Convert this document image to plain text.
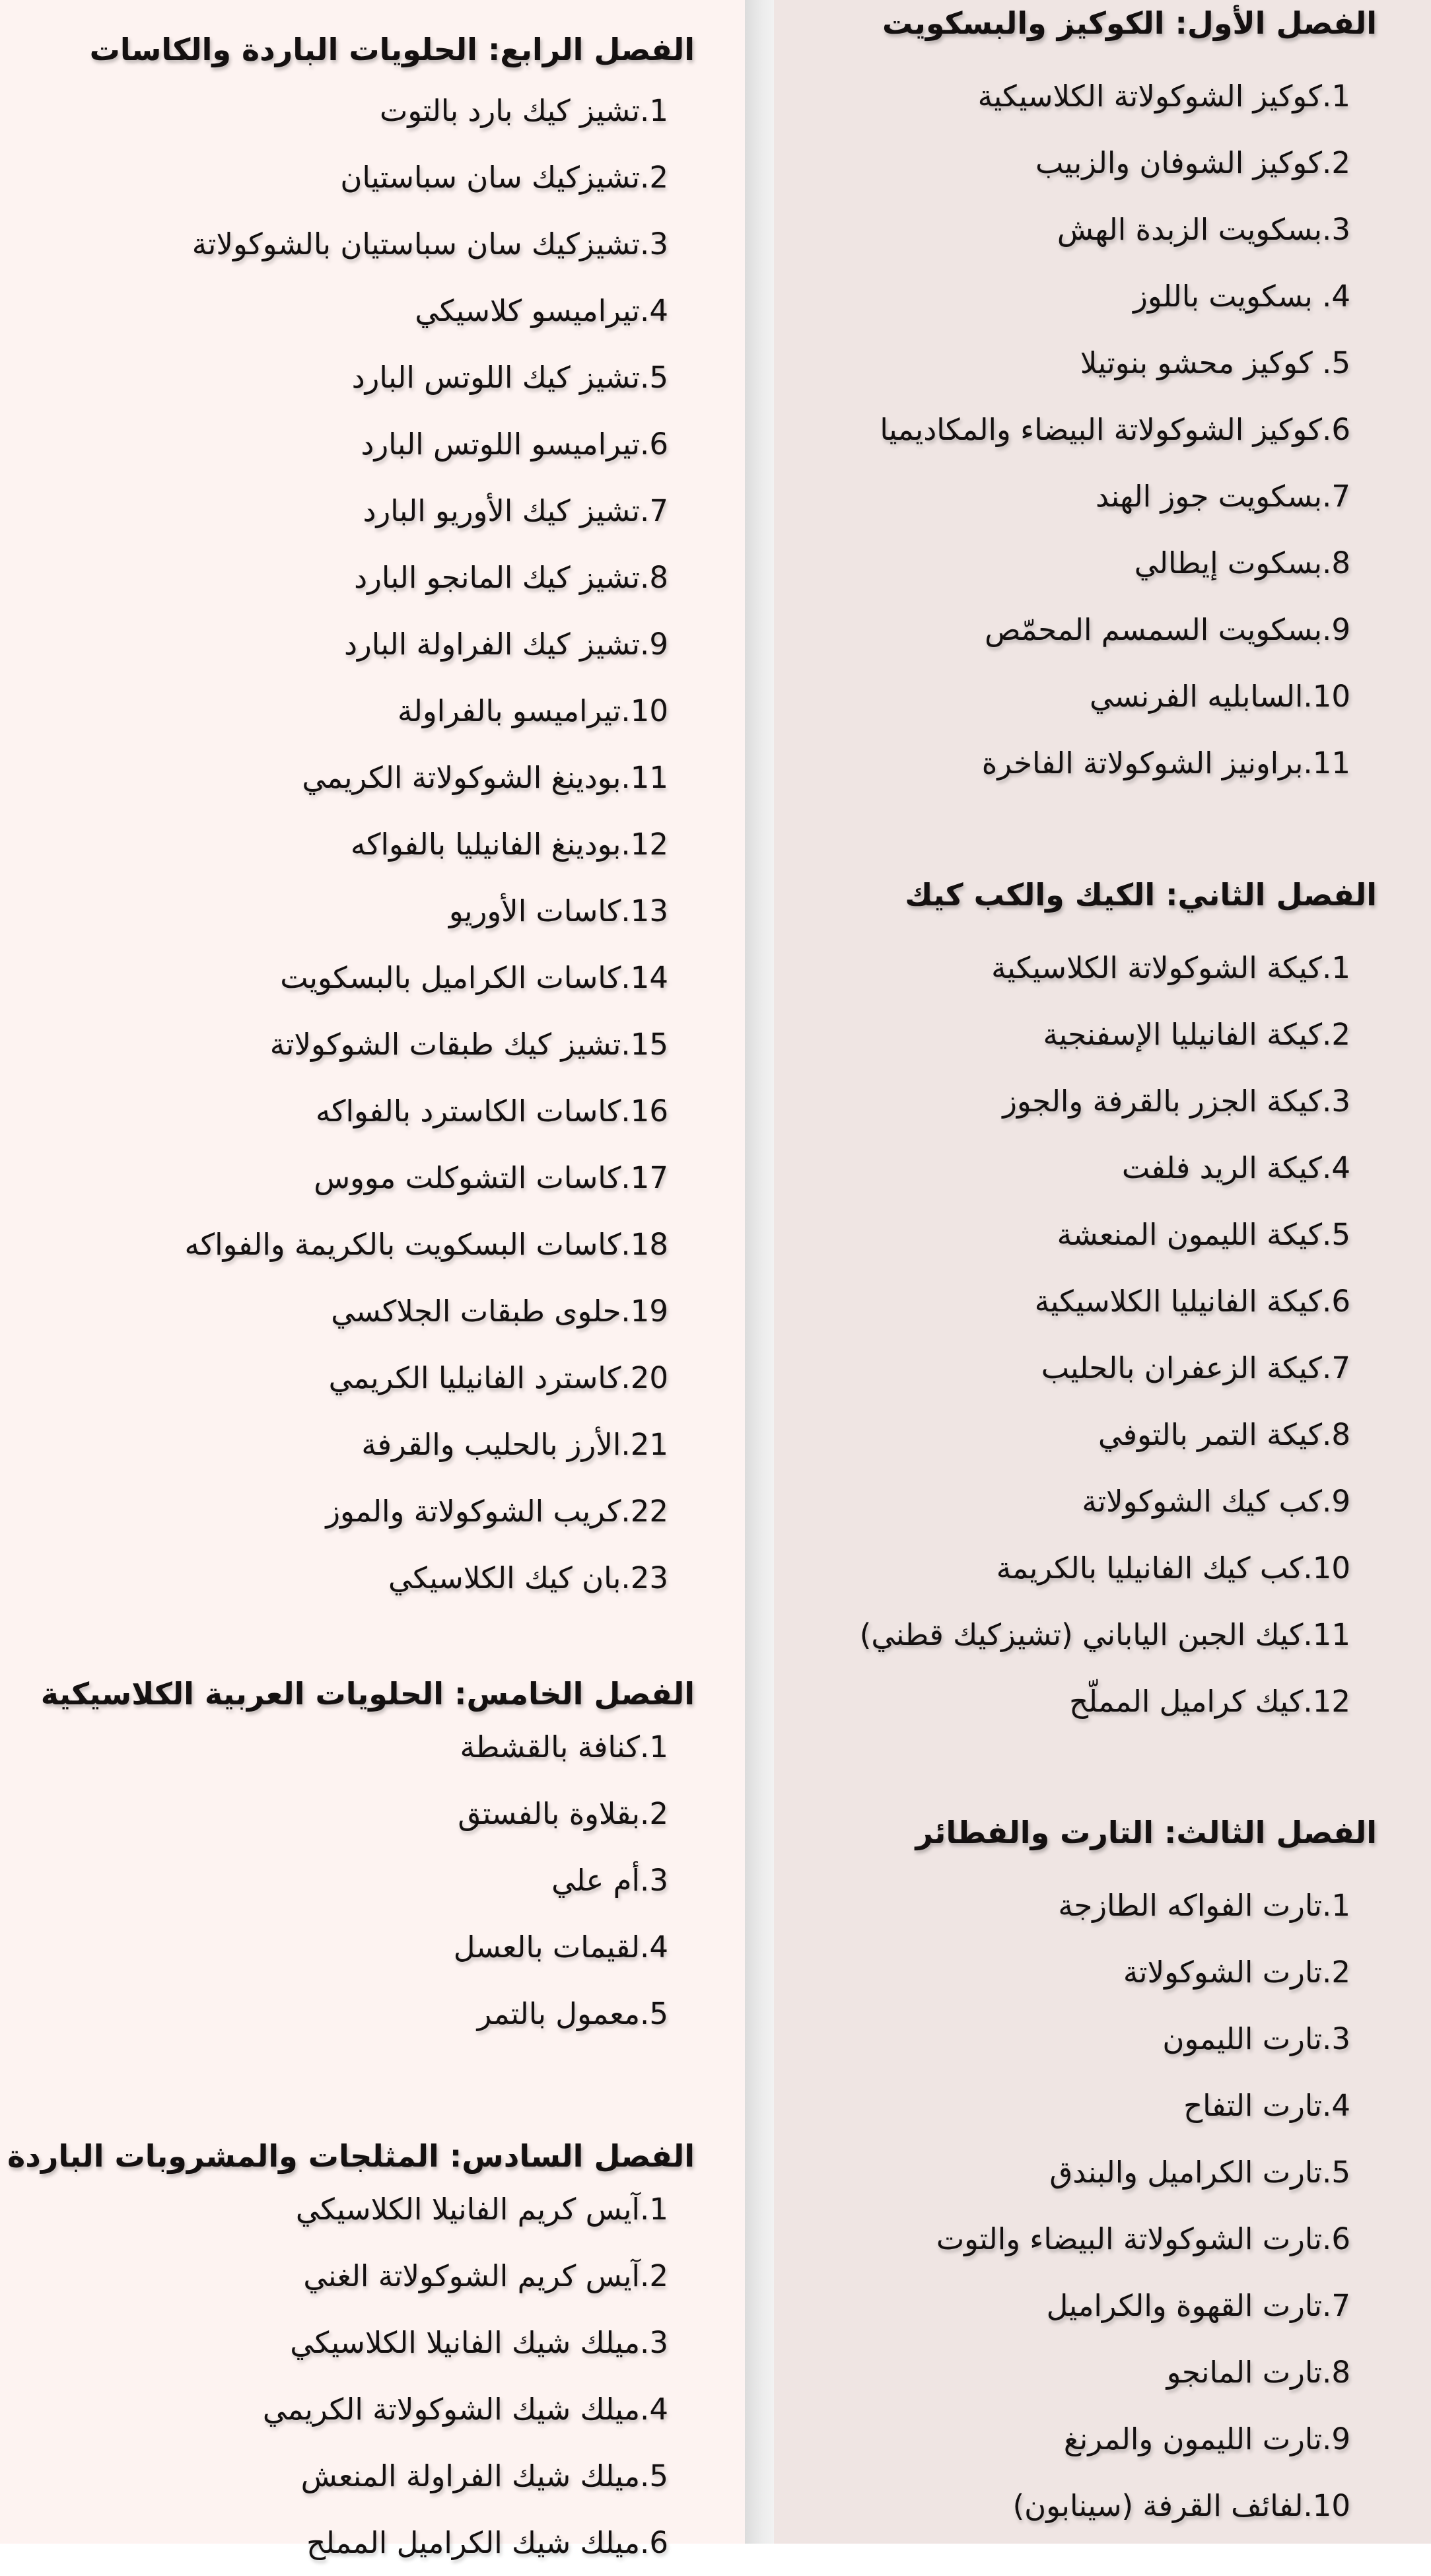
الفصل الأول: الكوكيز والبسكويت
1.كوكيز الشوكولاتة الكلاسيكية
2.كوكيز الشوفان والزبيب
3.بسكويت الزبدة الهش
4. بسكويت باللوز
5. كوكيز محشو بنوتيلا
6.كوكيز الشوكولاتة البيضاء والمكاديميا
7.بسكويت جوز الهند
8.بسكوت إيطالي
9.بسكويت السمسم المحمّص
10.السابليه الفرنسي
11.براونيز الشوكولاتة الفاخرة
الفصل الثاني: الكيك والكب كيك
1.كيكة الشوكولاتة الكلاسيكية
2.كيكة الفانيليا الإسفنجية
3.كيكة الجزر بالقرفة والجوز
4.كيكة الريد فلفت
5.كيكة الليمون المنعشة
6.كيكة الفانيليا الكلاسيكية
7.كيكة الزعفران بالحليب
8.كيكة التمر بالتوفي
9.كب كيك الشوكولاتة
10.كب كيك الفانيليا بالكريمة
11.كيك الجبن الياباني (تشيزكيك قطني)
12.كيك كراميل المملّح
الفصل الثالث: التارت والفطائر
1.تارت الفواكه الطازجة
2.تارت الشوكولاتة
3.تارت الليمون
4.تارت التفاح
5.تارت الكراميل والبندق
6.تارت الشوكولاتة البيضاء والتوت
7.تارت القهوة والكراميل
8.تارت المانجو
9.تارت الليمون والمرنغ
10.لفائف القرفة (سينابون)
الفصل الرابع: الحلويات الباردة والكاسات
1.تشيز كيك بارد بالتوت
2.تشيزكيك سان سباستيان
3.تشيزكيك سان سباستيان بالشوكولاتة
4.تيراميسو كلاسيكي
5.تشيز كيك اللوتس البارد
6.تيراميسو اللوتس البارد
7.تشيز كيك الأوريو البارد
8.تشيز كيك المانجو البارد
9.تشيز كيك الفراولة البارد
10.تيراميسو بالفراولة
11.بودينغ الشوكولاتة الكريمي
12.بودينغ الفانيليا بالفواكه
13.كاسات الأوريو
14.كاسات الكراميل بالبسكويت
15.تشيز كيك طبقات الشوكولاتة
16.كاسات الكاسترد بالفواكه
17.كاسات التشوكلت مووس
18.كاسات البسكويت بالكريمة والفواكه
19.حلوى طبقات الجلاكسي
20.كاسترد الفانيليا الكريمي
21.الأرز بالحليب والقرفة
22.كريب الشوكولاتة والموز
23.بان كيك الكلاسيكي
الفصل الخامس: الحلويات العربية الكلاسيكية
1.كنافة بالقشطة
2.بقلاوة بالفستق
3.أم علي
4.لقيمات بالعسل
5.معمول بالتمر
الفصل السادس: المثلجات والمشروبات الباردة
1.آيس كريم الفانيلا الكلاسيكي
2.آيس كريم الشوكولاتة الغني
3.ميلك شيك الفانيلا الكلاسيكي
4.ميلك شيك الشوكولاتة الكريمي
5.ميلك شيك الفراولة المنعش
6.ميلك شيك الكراميل المملح
